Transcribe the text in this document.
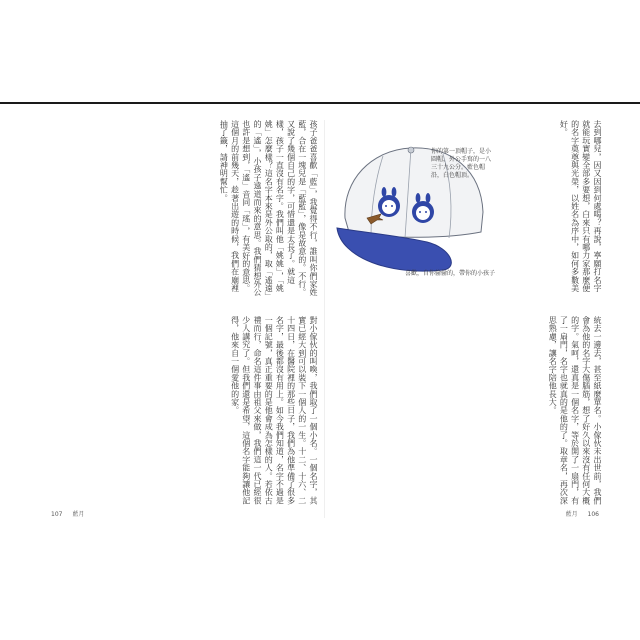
孩子爸爸喜歡「藍」，我覺得不行，誰叫你們家姓藍，合在一塊兒是「藍藍」，像是故意的。不行。又說了幾個自己的字，可惜還是太長了。就這樣，孩子一直沒有名字。我們叫他「姚姚」，「姚姚」怎麼樣？這名字本來是外公取的，取「遙遠」的「遙」，小孩子遠道而來的意思。我們猜想外公也許是想到，「遙」音同「瑤」，有美好的意思。這個月的前幾天，趁著出遊的時候，我們在廟裡抽了籤，請神明幫忙。
對小傢伙的叫喚，我們取了一個小名。一個名字，其實已經大到可以裝下一個人的一生。十二、十六、二十四日，在醫院裡的那些日子，我們為他準備了很多名字，最後都沒有用上。如今我們知道，名字不過是一個記號，真正重要的是他會成為怎樣的人。若依古禮而行，命名這件事由祖父來做，我們這一代已經很少人講究了。但我們還是希望，這個名字能夠讓他記得，他來自一個愛他的家。
107 藍月
你的第一頂帽子，是小圓帽，外公手寫的一八三十九公分。藍色帽沿，白色帽頂。
喜歡，自你偷偷的，帶你的小孩子	去到哪兒，因又因到何處喝？再說，寧願打名字就能玩實變全部多要想，白來只有哪力家那麼便的名字奠奠與光榮，以姓名為序中，如何多數美好。
統去一邊去，甚至紙麼單名。小傢伙未出世前，我們會為他的名字大傷腦筋，想了好久以來沒有任何大概的字。氣呵，還真是一個名字，等於開了一扇門，有了一扇門，名字也就真的是他的了。取章名，再次深思熟慮，讓名字陪他長大。
藍月 106
